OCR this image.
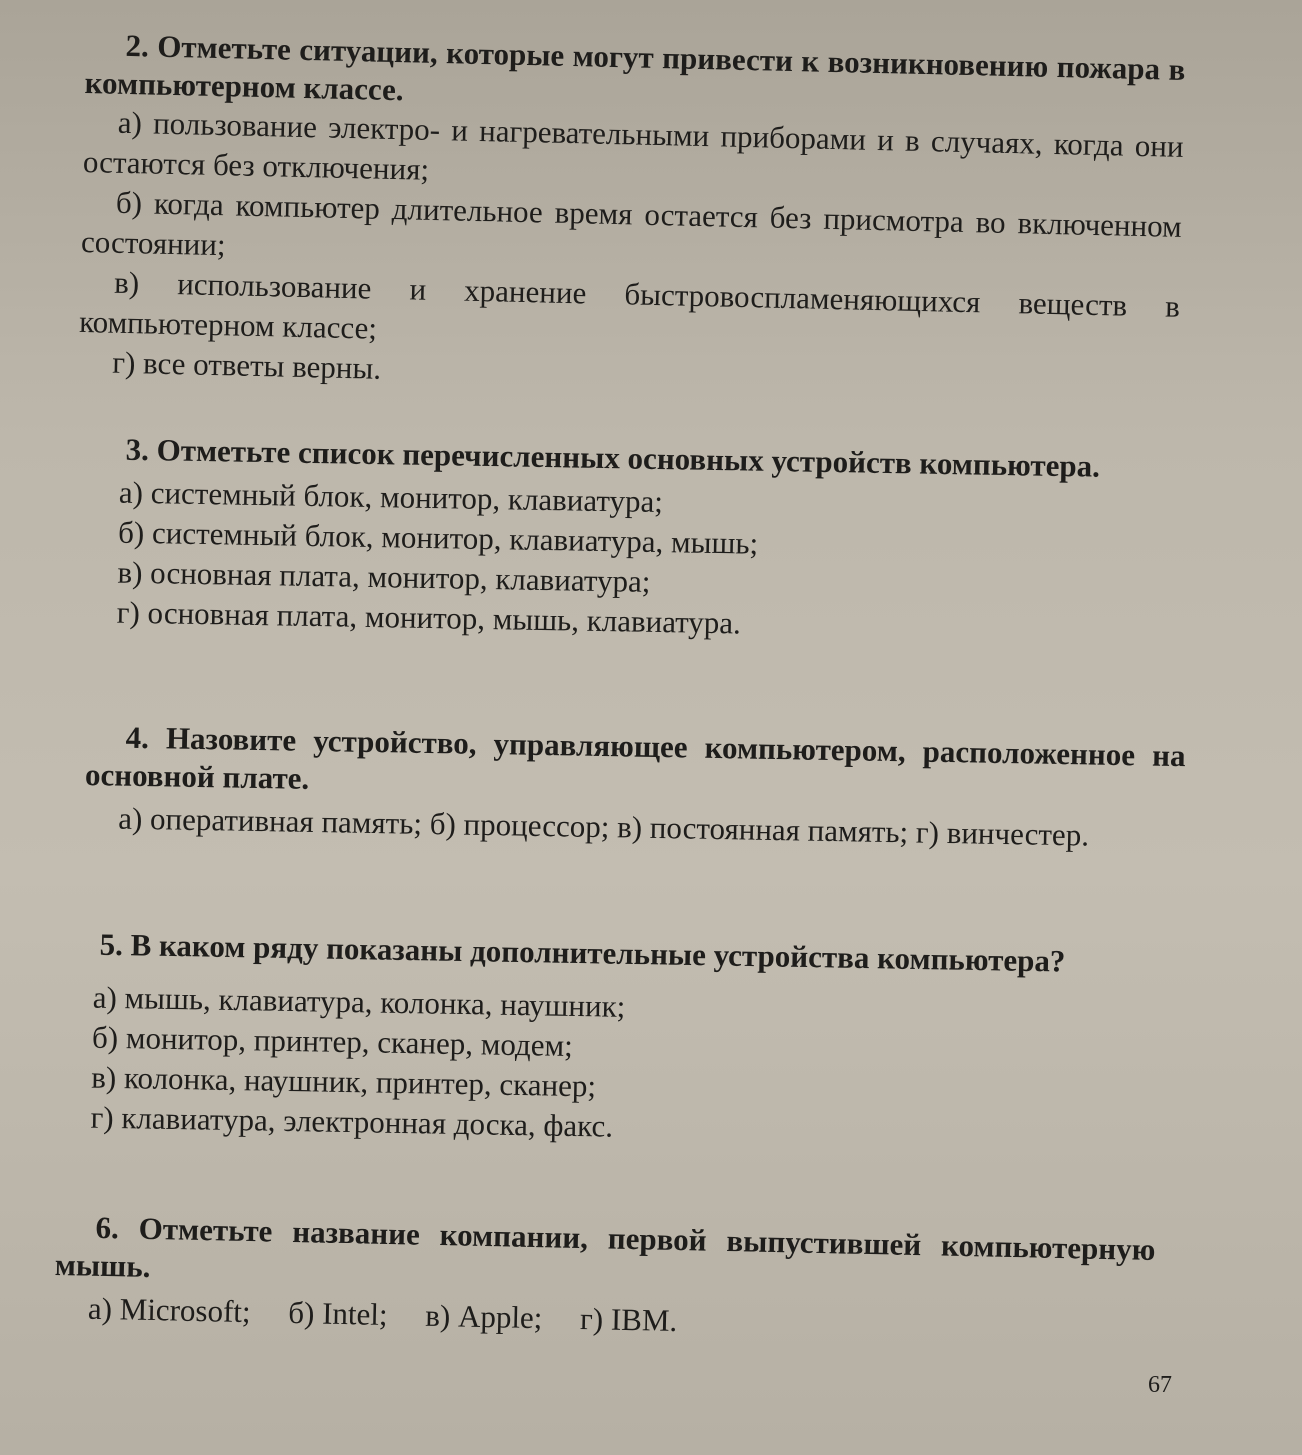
2. Отметьте ситуации, которые могут привести к возникновению пожара в компьютерном классе.

а) пользование электро- и нагревательными приборами и в случаях, когда они остаются без отключения;

б) когда компьютер длительное время остается без присмотра во включенном состоянии;

в) использование и хранение быстровоспламеняющихся веществ в компьютерном классе;

г) все ответы верны.

3. Отметьте список перечисленных основных устройств компьютера.

а) системный блок, монитор, клавиатура;

б) системный блок, монитор, клавиатура, мышь;

в) основная плата, монитор, клавиатура;

г) основная плата, монитор, мышь, клавиатура.

4. Назовите устройство, управляющее компьютером, расположенное на основной плате.

а) оперативная память; б) процессор; в) постоянная память; г) винчестер.

5. В каком ряду показаны дополнительные устройства компьютера?

а) мышь, клавиатура, колонка, наушник;

б) монитор, принтер, сканер, модем;

в) колонка, наушник, принтер, сканер;

г) клавиатура, электронная доска, факс.

6. Отметьте название компании, первой выпустившей компьютерную мышь.

а) Microsoft; б) Intel; в) Apple; г) IBM.
67
